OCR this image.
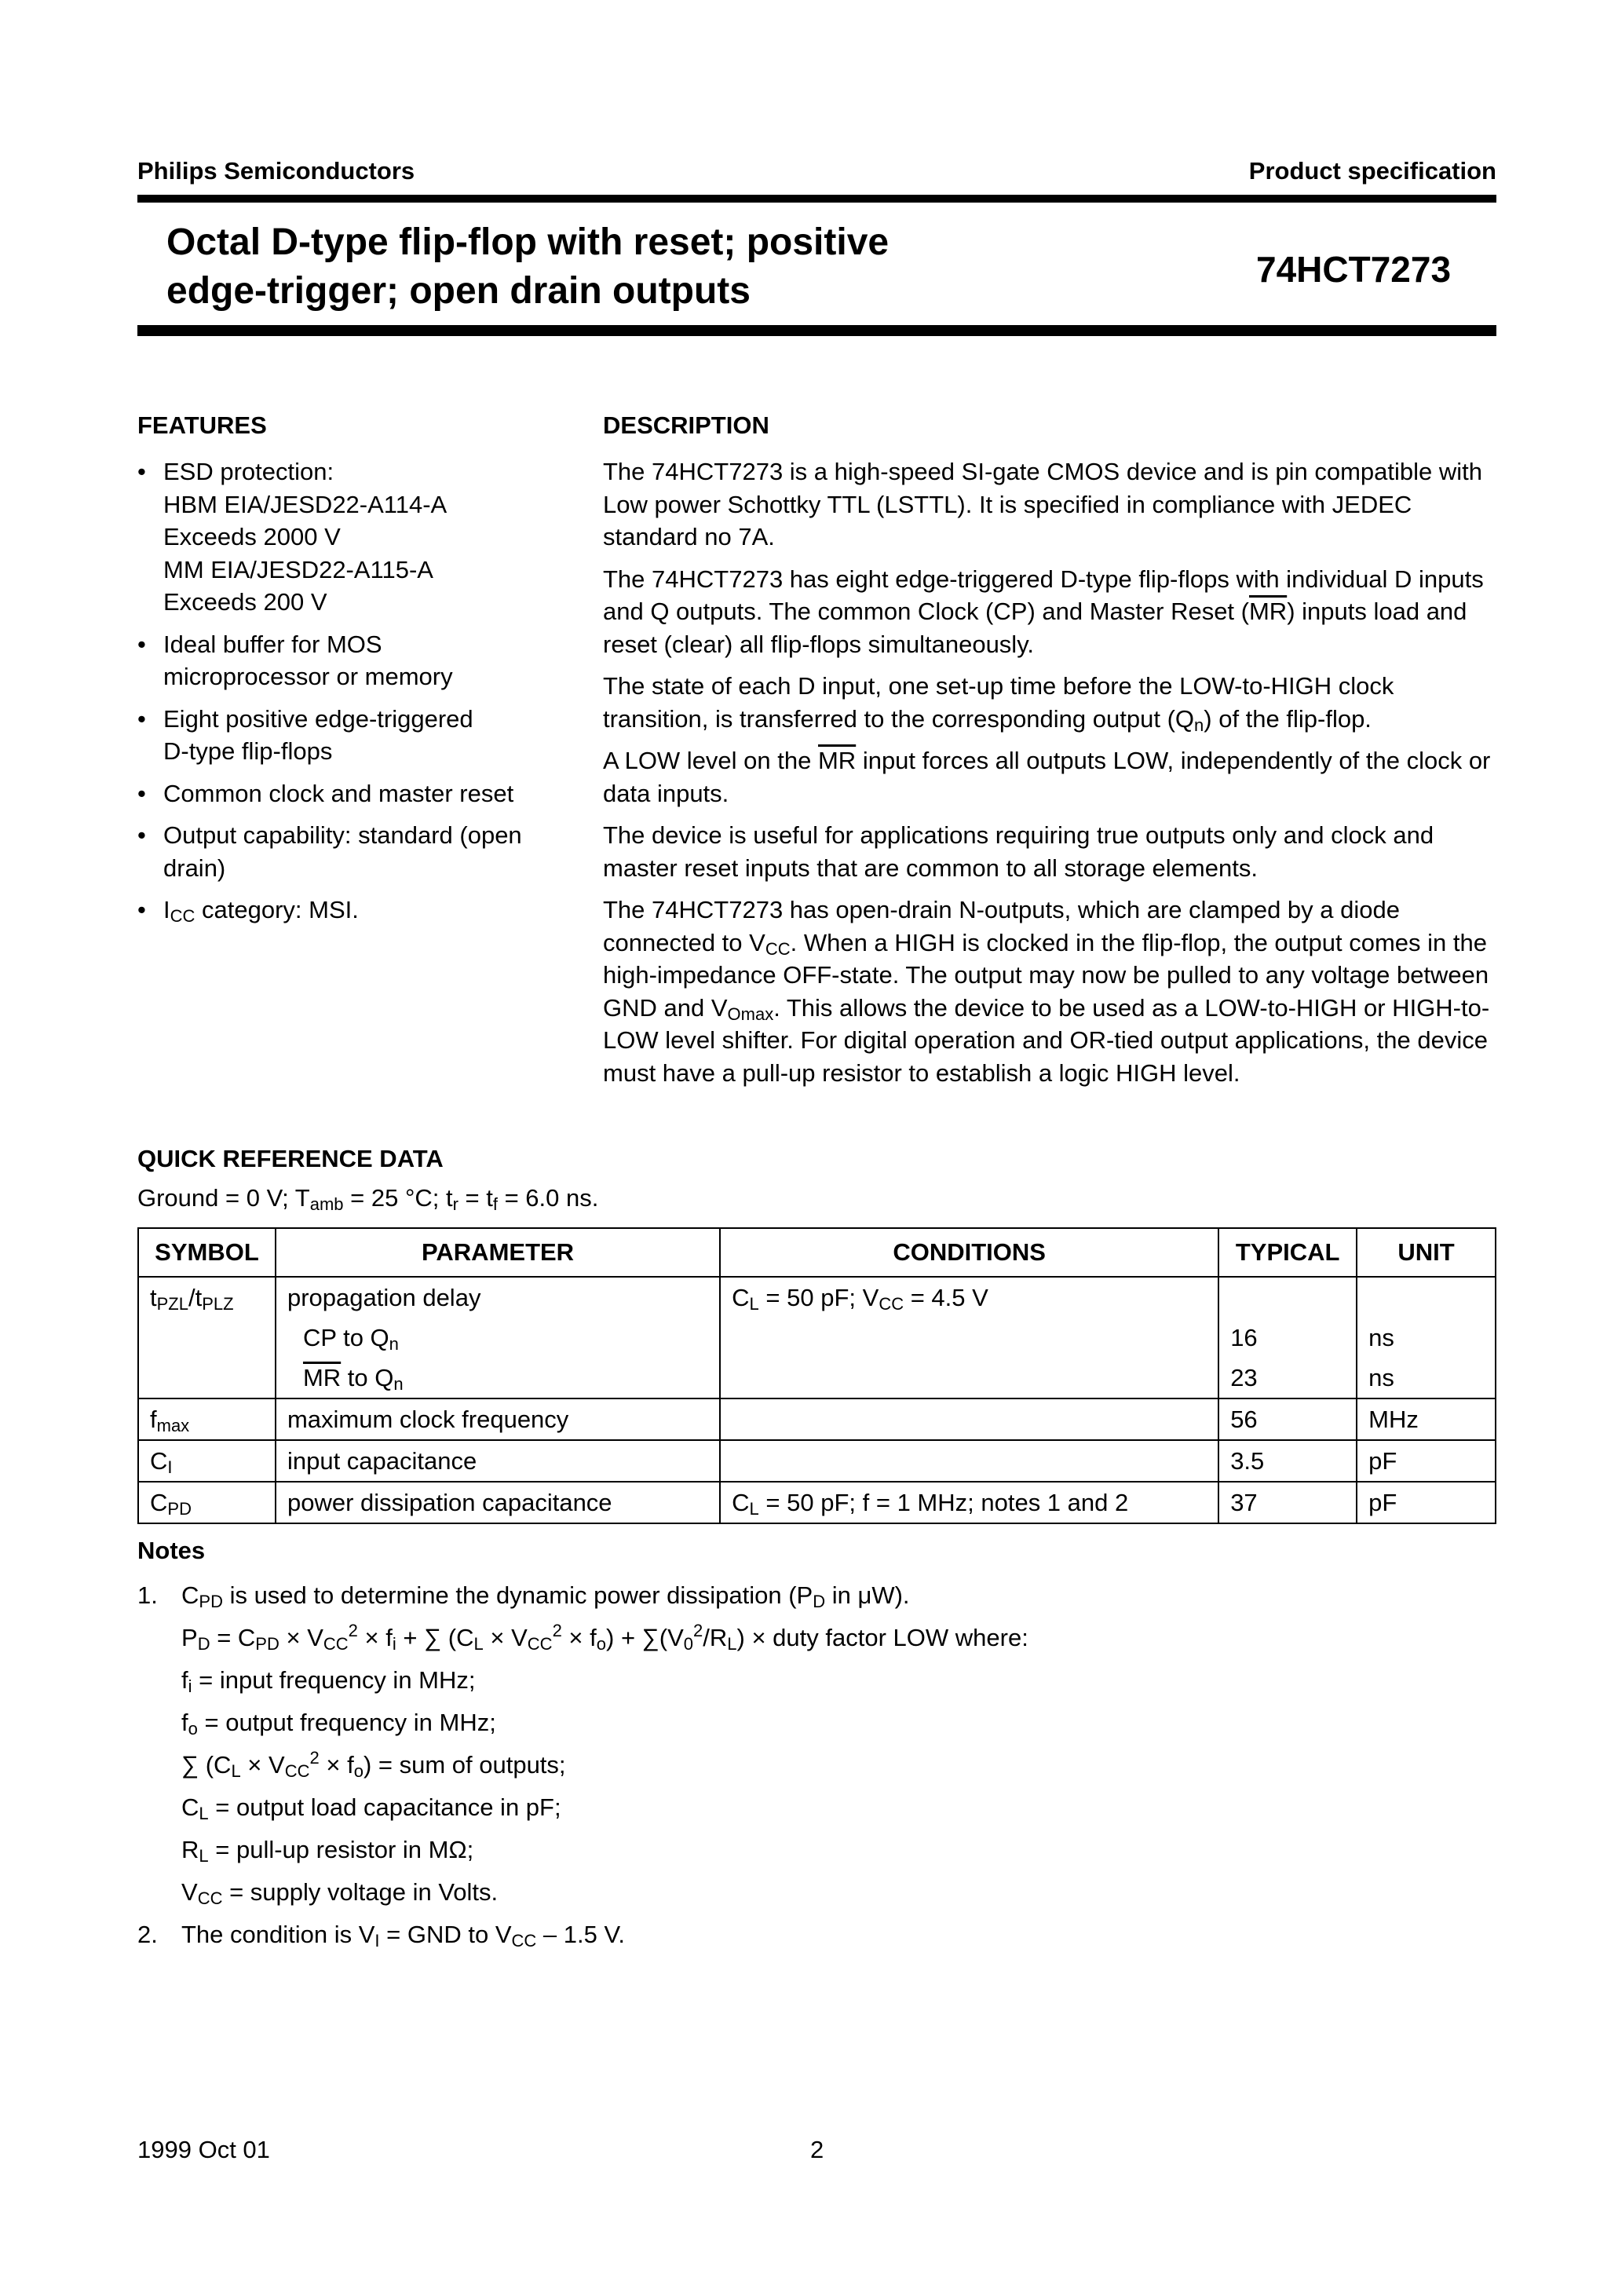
Philips Semiconductors	Product specification
Octal D-type flip-flop with reset; positive
edge-trigger; open drain outputs
74HCT7273
FEATURES
• ESD protection:
HBM EIA/JESD22-A114-A
Exceeds 2000 V
MM EIA/JESD22-A115-A
Exceeds 200 V
• Ideal buffer for MOS
microprocessor or memory
• Eight positive edge-triggered
D-type flip-flops
• Common clock and master reset
• Output capability: standard (open
drain)
• $I_{CC}$ category: MSI.
DESCRIPTION

The 74HCT7273 is a high-speed SI-gate CMOS device and is pin compatible with Low power Schottky TTL (LSTTL). It is specified in compliance with JEDEC standard no 7A.

The 74HCT7273 has eight edge-triggered D-type flip-flops with individual D inputs and Q outputs. The common Clock (CP) and Master Reset $(\overline{MR})$ inputs load and reset (clear) all flip-flops simultaneously.

The state of each D input, one set-up time before the LOW-to-HIGH clock transition, is transferred to the corresponding output $(Q_n)$ of the flip-flop.

A LOW level on the $\overline{MR}$ input forces all outputs LOW, independently of the clock or data inputs.

The device is useful for applications requiring true outputs only and clock and master reset inputs that are common to all storage elements.

The 74HCT7273 has open-drain N-outputs, which are clamped by a diode connected to $V_{CC}$. When a HIGH is clocked in the flip-flop, the output comes in the high-impedance OFF-state. The output may now be pulled to any voltage between GND and $V_{Omax}$. This allows the device to be used as a LOW-to-HIGH or HIGH-to-LOW level shifter. For digital operation and OR-tied output applications, the device must have a pull-up resistor to establish a logic HIGH level.

QUICK REFERENCE DATA
Ground = 0 V; $T_{amb} = 25$ °C; $t_r = t_f = 6.0$ ns.
SYMBOL	PARAMETER	CONDITIONS	TYPICAL	UNIT
$t_{PZL}/t_{PLZ}$	propagation delay	$C_L = 50$ pF; $V_{CC} = 4.5$ V		
	CP to $Q_n$		16	ns
	$\overline{MR}$ to $Q_n$		23	ns
$f_{max}$	maximum clock frequency		56	MHz
$C_I$	input capacitance		3.5	pF
$C_{PD}$	power dissipation capacitance	$C_L = 50$ pF; f = 1 MHz; notes 1 and 2	37	pF
Notes
1. $C_{PD}$ is used to determine the dynamic power dissipation ($P_D$ in μW).
$P_D = C_{PD} \times V_{CC}^2 \times f_i$ + ∑ $(C_L \times V_{CC}^2 \times f_o) + \sum(V_0^2/R_L)$ × duty factor LOW where:
$f_i$ = input frequency in MHz;
$f_o$ = output frequency in MHz;
∑ $(C_L \times V_{CC}^2 \times f_o)$ = sum of outputs;
$C_L$ = output load capacitance in pF;
$R_L$ = pull-up resistor in MΩ;
$V_{CC}$ = supply voltage in Volts.
2. The condition is $V_I$ = GND to $V_{CC} - 1.5$ V.
1999 Oct 01	2
